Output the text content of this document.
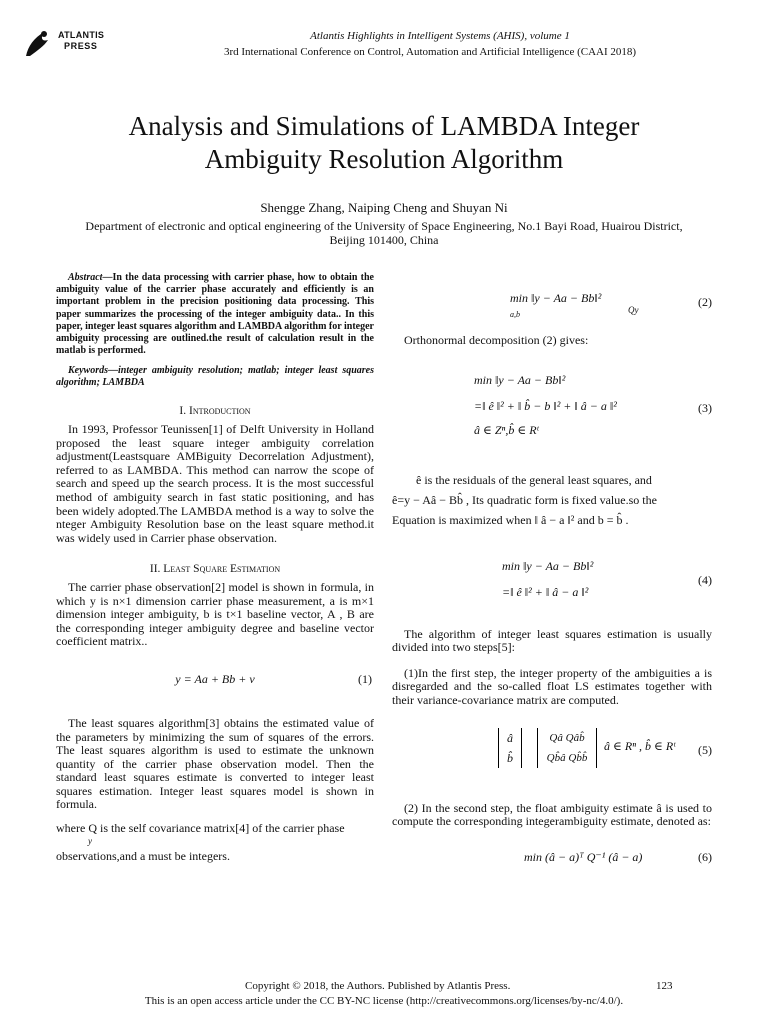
ATLANTIS
PRESS
Atlantis Highlights in Intelligent Systems (AHIS), volume 1
3rd International Conference on Control, Automation and Artificial Intelligence (CAAI 2018)
Analysis and Simulations of LAMBDA Integer
Ambiguity Resolution Algorithm
Shengge Zhang, Naiping Cheng and Shuyan Ni
Department of electronic and optical engineering of the University of Space Engineering, No.1 Bayi Road, Huairou District,
Beijing 101400, China
Abstract—In the data processing with carrier phase, how to obtain the ambiguity value of the carrier phase accurately and efficiently is an important problem in the precision positioning data processing. This paper summarizes the processing of the integer ambiguity data.. In this paper, integer least squares algorithm and LAMBDA algorithm for integer ambiguity processing are outlined.the result of calculation result in the matlab is performed.
Keywords—integer ambiguity resolution; matlab; integer least squares algorithm; LAMBDA
I. Introduction

In 1993, Professor Teunissen[1] of Delft University in Holland proposed the least square integer ambiguity correlation adjustment(Leastsquare AMBiguity Decorrelation Adjustment), referred to as LAMBDA. This method can narrow the scope of search and speed up the search process. It is the most successful method of ambiguity search in fast static positioning, and has been widely adopted.The LAMBDA method is a way to solve the nteger Ambiguity Resolution base on the least square method.it was widely used in Carrier phase observation.

II. Least Square Estimation

The carrier phase observation[2] model is shown in formula, in which y is n×1 dimension carrier phase measurement, a is m×1 dimension integer ambiguity, b is t×1 baseline vector, A , B are the corresponding integer ambiguity degree and baseline vector coefficient matrix..

y = Aa + Bb + v	(1)

The least squares algorithm[3] obtains the estimated value of the parameters by minimizing the sum of squares of the errors. The least squares algorithm is used to estimate the unknown quantity of the carrier phase observation model. Then the standard least squares estimate is converted to integer least squares estimation. Integer least squares model is shown in formula.

where Q is the self covariance matrix[4] of the carrier phase
y
observations,and a must be integers.
min ‖y − Aa − Bb‖²
a,b	Qy
(2)

Orthonormal decomposition (2) gives:

min ‖y − Aa − Bb‖²
=‖ ê ‖² + ‖ b̂ − b ‖² + ‖ â − a ‖²
â ∈ Zⁿ,b̂ ∈ Rᵗ
(3)
ê is the residuals of the general least squares, and
ê=y − Aâ − Bb̂ , Its quadratic form is fixed value.so the
Equation is maximized when ‖ â − a ‖² and b = b̂ .
min ‖y − Aa − Bb‖²
=‖ ê ‖² + ‖ â − a ‖²
(4)

The algorithm of integer least squares estimation is usually divided into two steps[5]:

(1)In the first step, the integer property of the ambiguities a is disregarded and the so-called float LS estimates together with their variance-covariance matrix are computed.

â
b̂

Qâ Qâb̂
Qb̂â Qb̂b̂
â ∈ Rⁿ , b̂ ∈ Rᵗ (5)

(2) In the second step, the float ambiguity estimate â is used to compute the corresponding integerambiguity estimate, denoted as:

min (â − a)ᵀ Q⁻¹ (â − a)	(6)
Copyright © 2018, the Authors. Published by Atlantis Press.	123
This is an open access article under the CC BY-NC license (http://creativecommons.org/licenses/by-nc/4.0/).
